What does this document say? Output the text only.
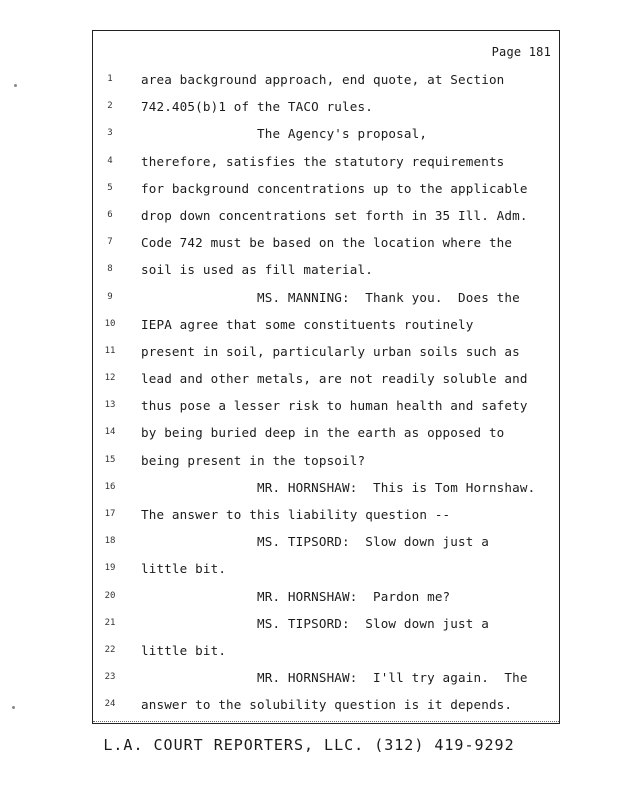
Page 181
1	area background approach, end quote, at Section
2	742.405(b)1 of the TACO rules.
3	The Agency's proposal,
4	therefore, satisfies the statutory requirements
5	for background concentrations up to the applicable
6	drop down concentrations set forth in 35 Ill. Adm.
7	Code 742 must be based on the location where the
8	soil is used as fill material.
9	MS. MANNING:  Thank you.  Does the
10	IEPA agree that some constituents routinely
11	present in soil, particularly urban soils such as
12	lead and other metals, are not readily soluble and
13	thus pose a lesser risk to human health and safety
14	by being buried deep in the earth as opposed to
15	being present in the topsoil?
16	MR. HORNSHAW:  This is Tom Hornshaw.
17	The answer to this liability question --
18	MS. TIPSORD:  Slow down just a
19	little bit.
20	MR. HORNSHAW:  Pardon me?
21	MS. TIPSORD:  Slow down just a
22	little bit.
23	MR. HORNSHAW:  I'll try again.  The
24	answer to the solubility question is it depends.
L.A. COURT REPORTERS, LLC. (312) 419-9292
